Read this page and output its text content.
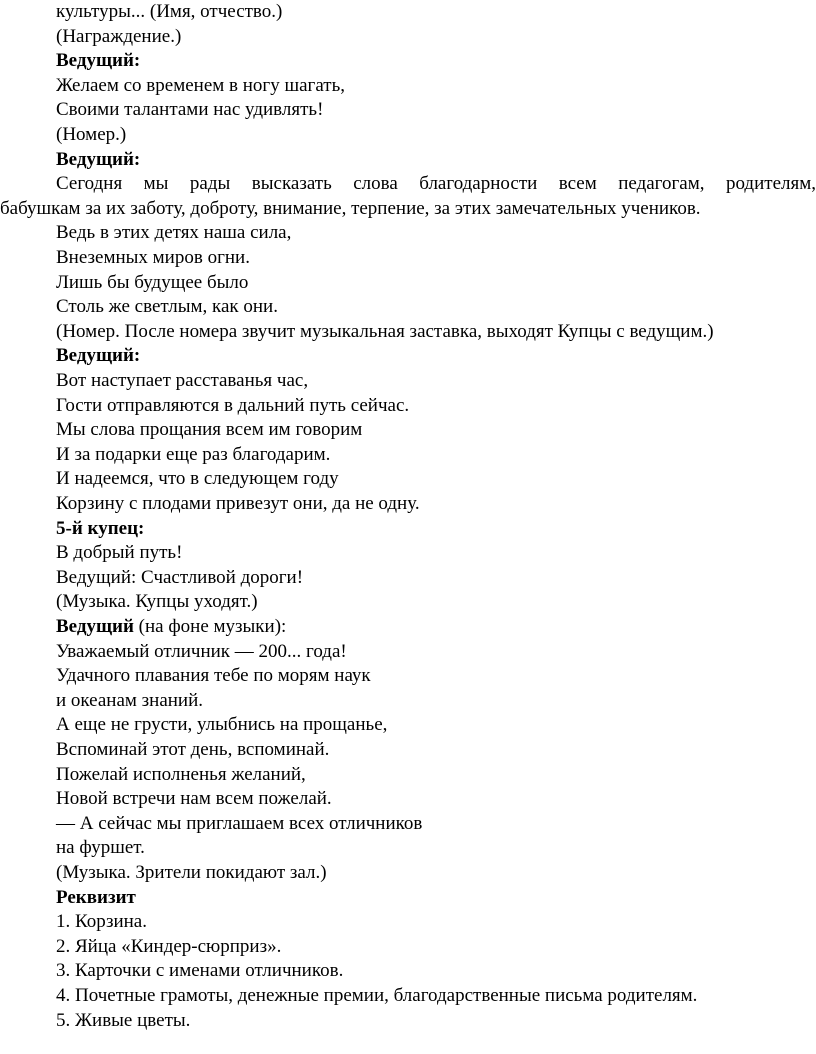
культуры... (Имя, отчество.)
(Награждение.)
Ведущий:
Желаем со временем в ногу шагать,
Своими талантами нас удивлять!
(Номер.)
Ведущий:
Сегодня мы рады высказать слова благодарности всем педагогам, родителям,
бабушкам за их заботу, доброту, внимание, терпение, за этих замечательных учеников.
Ведь в этих детях наша сила,
Внеземных миров огни.
Лишь бы будущее было
Столь же светлым, как они.
(Номер. После номера звучит музыкальная заставка, выходят Купцы с ведущим.)
Ведущий:
Вот наступает расставанья час,
Гости отправляются в дальний путь сейчас.
Мы слова прощания всем им говорим
И за подарки еще раз благодарим.
И надеемся, что в следующем году
Корзину с плодами привезут они, да не одну.
5-й купец:
В добрый путь!
Ведущий: Счастливой дороги!
(Музыка. Купцы уходят.)
Ведущий (на фоне музыки):
Уважаемый отличник — 200... года!
Удачного плавания тебе по морям наук
и океанам знаний.
А еще не грусти, улыбнись на прощанье,
Вспоминай этот день, вспоминай.
Пожелай исполненья желаний,
Новой встречи нам всем пожелай.
— А сейчас мы приглашаем всех отличников
на фуршет.
(Музыка. Зрители покидают зал.)
Реквизит
1. Корзина.
2. Яйца «Киндер-сюрприз».
3. Карточки с именами отличников.
4. Почетные грамоты, денежные премии, благодарственные письма родителям.
5. Живые цветы.
